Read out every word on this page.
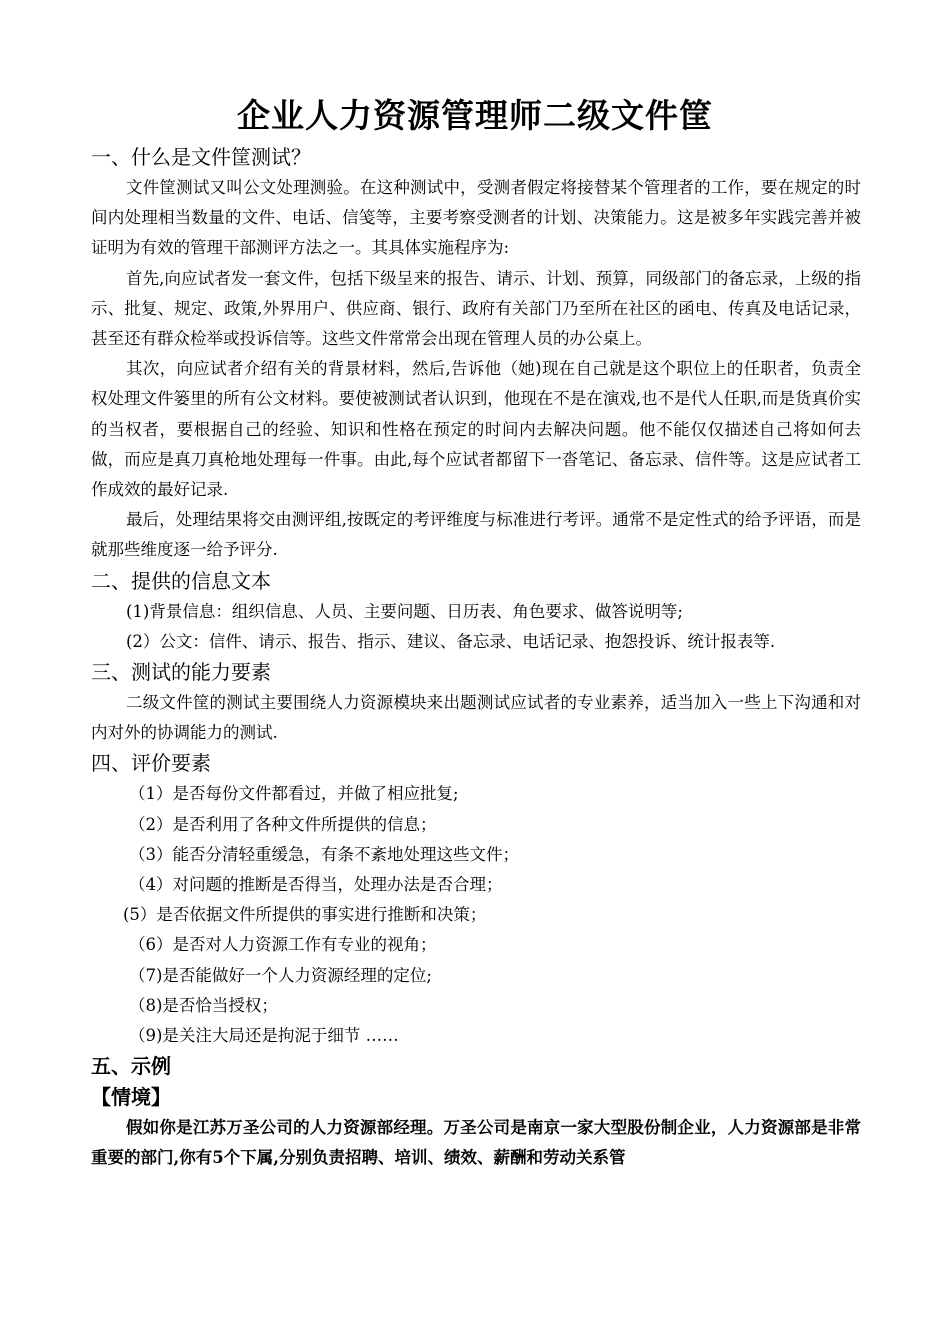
企业人力资源管理师二级文件筐
一、什么是文件筐测试？

文件筐测试又叫公文处理测验。在这种测试中，受测者假定将接替某个管理者的工作，要在规定的时间内处理相当数量的文件、电话、信笺等，主要考察受测者的计划、决策能力。这是被多年实践完善并被证明为有效的管理干部测评方法之一。其具体实施程序为:

首先,向应试者发一套文件，包括下级呈来的报告、请示、计划、预算，同级部门的备忘录，上级的指示、批复、规定、政策,外界用户、供应商、银行、政府有关部门乃至所在社区的函电、传真及电话记录，甚至还有群众检举或投诉信等。这些文件常常会出现在管理人员的办公桌上。

其次，向应试者介绍有关的背景材料，然后,告诉他（她)现在自己就是这个职位上的任职者，负责全权处理文件篓里的所有公文材料。要使被测试者认识到，他现在不是在演戏,也不是代人任职,而是货真价实的当权者，要根据自己的经验、知识和性格在预定的时间内去解决问题。他不能仅仅描述自己将如何去做，而应是真刀真枪地处理每一件事。由此,每个应试者都留下一沓笔记、备忘录、信件等。这是应试者工作成效的最好记录.

最后，处理结果将交由测评组,按既定的考评维度与标准进行考评。通常不是定性式的给予评语，而是就那些维度逐一给予评分.

二、提供的信息文本

(1)背景信息：组织信息、人员、主要问题、日历表、角色要求、做答说明等;

(2）公文：信件、请示、报告、指示、建议、备忘录、电话记录、抱怨投诉、统计报表等.

三、测试的能力要素

二级文件筐的测试主要围绕人力资源模块来出题测试应试者的专业素养，适当加入一些上下沟通和对内对外的协调能力的测试.

四、评价要素

（1）是否每份文件都看过，并做了相应批复;

（2）是否利用了各种文件所提供的信息；

（3）能否分清轻重缓急，有条不紊地处理这些文件；

（4）对问题的推断是否得当，处理办法是否合理；

(5）是否依据文件所提供的事实进行推断和决策；

（6）是否对人力资源工作有专业的视角；

（7)是否能做好一个人力资源经理的定位;

（8)是否恰当授权；

（9)是关注大局还是拘泥于细节 ……

五、示例

【情境】

假如你是江苏万圣公司的人力资源部经理。万圣公司是南京一家大型股份制企业，人力资源部是非常重要的部门,你有5个下属,分别负责招聘、培训、绩效、薪酬和劳动关系管
